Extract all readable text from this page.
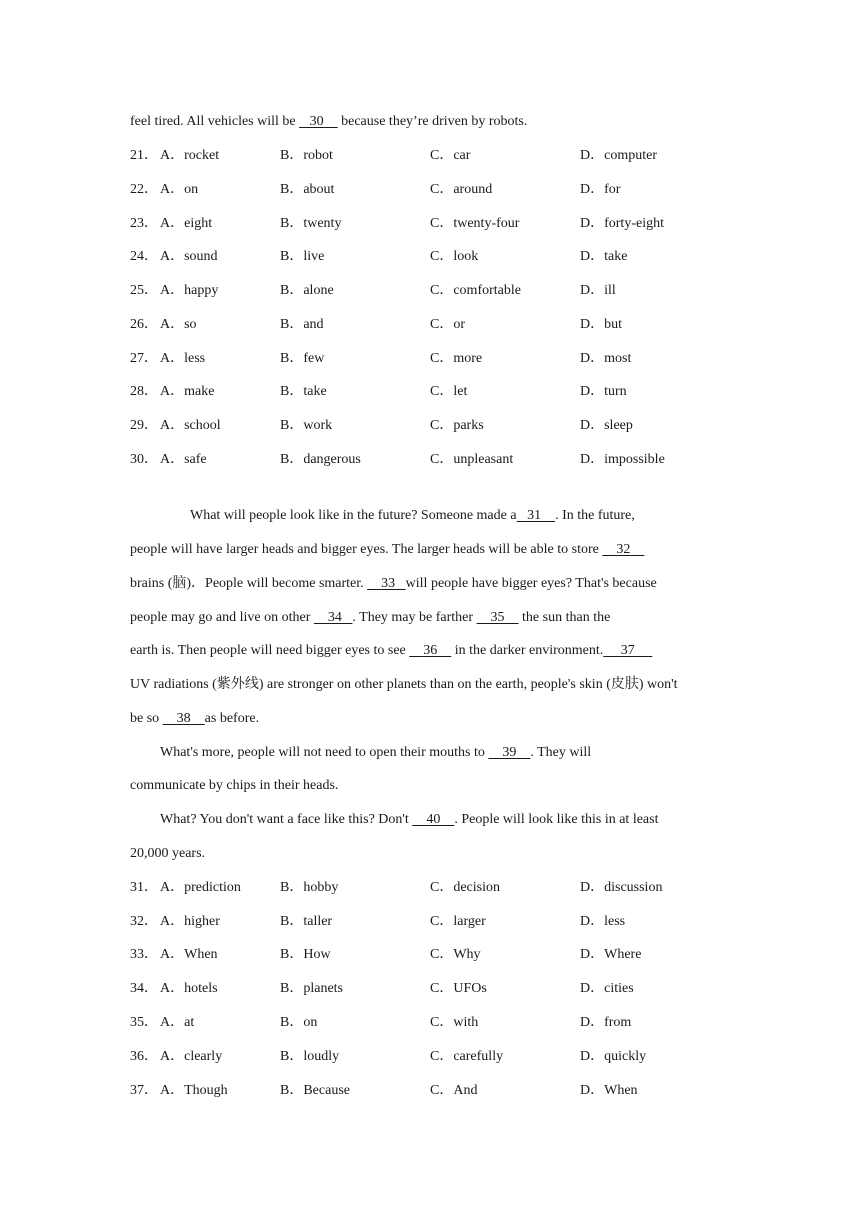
feel tired. All vehicles will be 30 because they’re driven by robots.
21． A．rocket	B．robot	C．car	D．computer
22． A．on	B．about	C．around	D．for
23． A．eight	B．twenty	C．twenty-four	D．forty-eight
24． A．sound	B．live	C．look	D．take
25． A．happy	B．alone	C．comfortable	D．ill
26． A．so	B．and	C．or	D．but
27． A．less	B．few	C．more	D．most
28． A．make	B．take	C．let	D．turn
29． A．school	B．work	C．parks	D．sleep
30． A．safe	B．dangerous	C．unpleasant	D．impossible
What will people look like in the future? Someone made a 31 . In the future,
people will have larger heads and bigger eyes. The larger heads will be able to store 32
brains (脑)．People will become smarter. 33 will people have bigger eyes? That's because
people may go and live on other 34 . They may be farther 35 the sun than the
earth is. Then people will need bigger eyes to see 36 in the darker environment. 37
UV radiations (紫外线) are stronger on other planets than on the earth, people's skin (皮肤) won't
be so 38 as before.
What's more, people will not need to open their mouths to 39 . They will
communicate by chips in their heads.
What? You don't want a face like this? Don't 40 . People will look like this in at least
20,000 years.
31． A．prediction	B．hobby	C．decision	D．discussion
32． A．higher	B．taller	C．larger	D．less
33． A．When	B．How	C．Why	D．Where
34． A．hotels	B．planets	C．UFOs	D．cities
35． A．at	B．on	C．with	D．from
36． A．clearly	B．loudly	C．carefully	D．quickly
37． A．Though	B．Because	C．And	D．When
